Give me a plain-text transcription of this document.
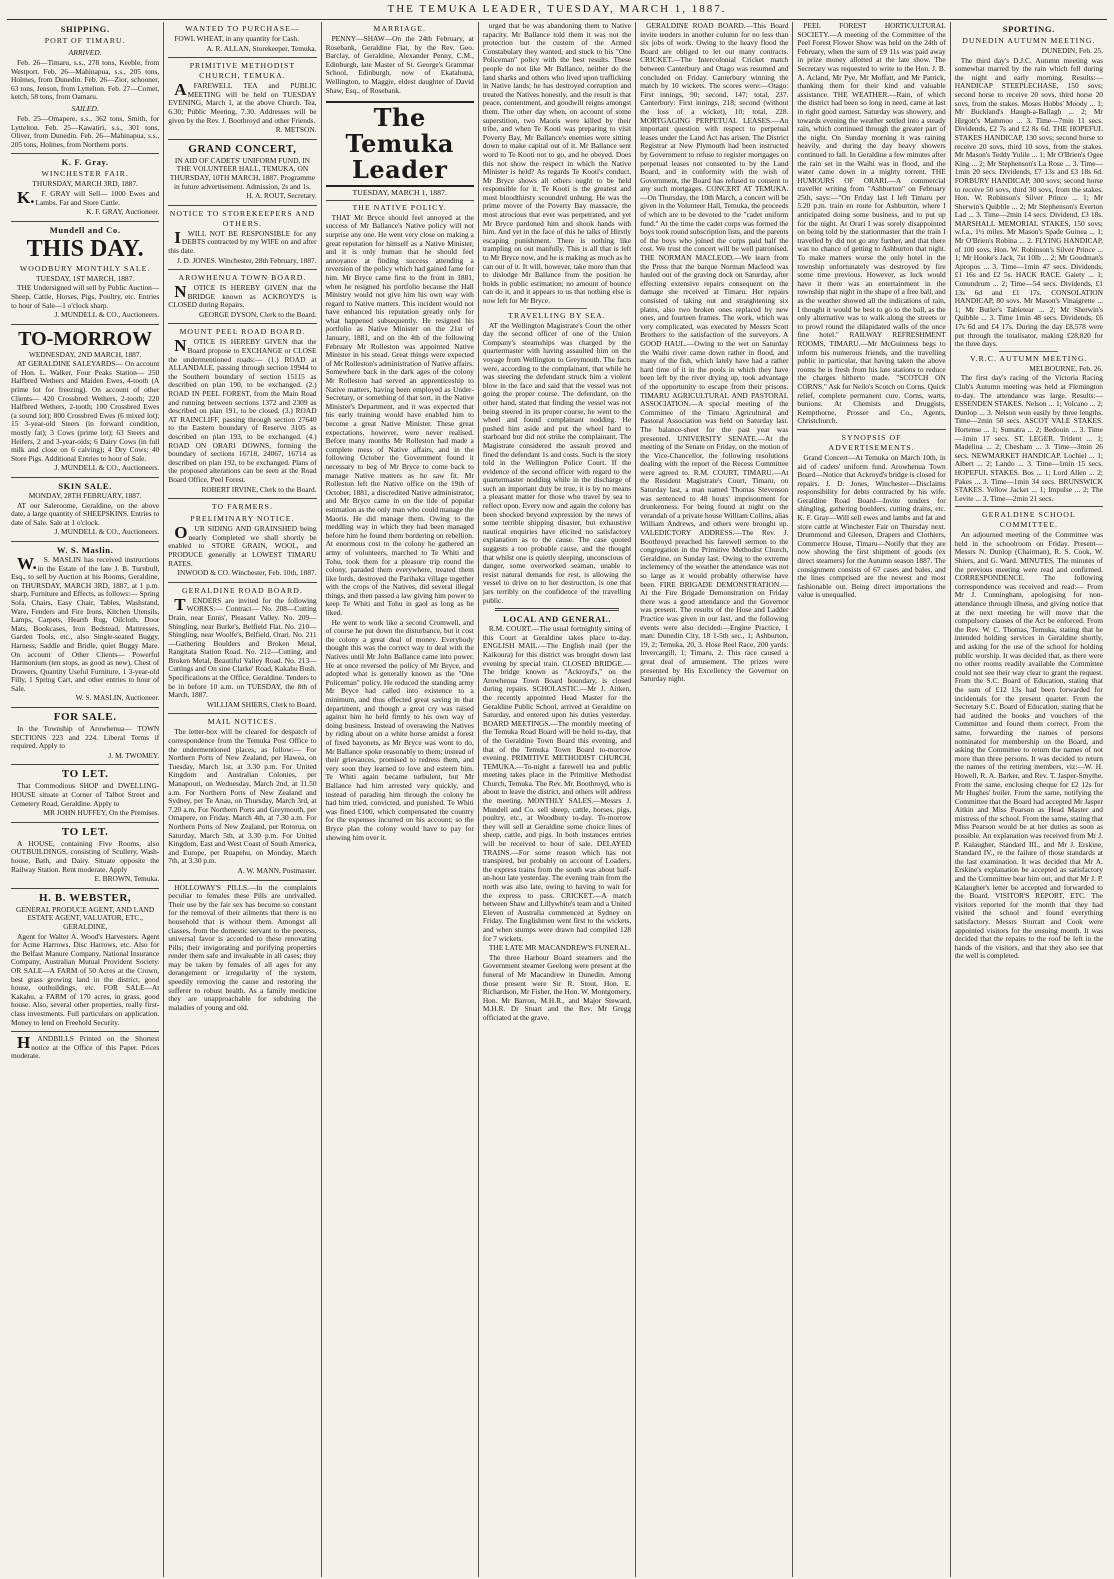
THE TEMUKA LEADER, TUESDAY, MARCH 1, 1887.
SHIPPING.
PORT OF TIMARU.
ARRIVED.

Feb. 26—Timaru, s.s., 278 tons, Keeble, from Westport. Feb. 26—Mahinapua, s.s., 205 tons, Holmes, from Dunedin. Feb. 26—Zior, schooner, 63 tons, Jenson, from Lyttelton. Feb. 27—Comet, ketch, 58 tons, from Oamaru.

SAILED.

Feb. 25—Omapere, s.s., 362 tons, Smith, for Lyttelton. Feb. 25—Kawatiri, s.s., 301 tons, Oliver, from Dunedin. Feb. 26—Mahinapua, s.s., 205 tons, Holmes, from Northern ports.

K. F. Gray.
WINCHESTER FAIR.

THURSDAY, MARCH 3RD, 1887.

K.F. GRAY will Sell— 1000 Ewes and Lambs. Fat and Store Cattle.

K. F. GRAY, Auctioneer.

Mundell and Co.
THIS DAY.
WOODBURY MONTHLY SALE.

TUESDAY, 1ST MARCH, 1887.

THE Undersigned will sell by Public Auction— Sheep, Cattle, Horses, Pigs, Poultry, etc. Entries to hour of Sale—1 o'clock sharp.

J. MUNDELL & CO., Auctioneers.

TO-MORROW

WEDNESDAY, 2ND MARCH, 1887.

AT GERALDINE SALEYARDS— On account of Hon. L. Walker, Four Peaks Station— 250 Halfbred Wethers and Maiden Ewes, 4-tooth (A prime lot for freezing). On account of other Clients— 420 Crossbred Wethers, 2-tooth; 220 Halfbred Wethers, 2-tooth; 100 Crossbred Ewes (a sound lot); 800 Crossbred Ewes (6 mixed lot); 15 3-year-old Steers (in forward condition, mostly fat); 3 Cows (prime lot); 63 Steers and Heifers, 2 and 3-year-olds; 6 Dairy Cows (in full milk and close on 6 calving); 4 Dry Cows; 40 Store Pigs. Additional Entries to hour of Sale.

J. MUNDELL & CO., Auctioneers.

SKIN SALE.

MONDAY, 28TH FEBRUARY, 1887.

AT our Saleroome, Geraldine, on the above date, a large quantity of SHEEPSKINS. Entries to date of Sale. Sale at 1 o'clock.

J. MUNDELL & CO., Auctioneers.

W. S. Maslin.

W.S. MASLIN has received instructions in the Estate of the late J. B. Turnbull, Esq., to sell by Auction at his Rooms, Geraldine, on THURSDAY, MARCH 3RD, 1887, at 1 p.m. sharp, Furniture and Effects, as follows:— Spring Sofa, Chairs, Easy Chair, Tables, Washstand, Ware, Fenders and Fire Irons, Kitchen Utensils, Lamps, Carpets, Hearth Rug, Oilcloth, Door Mats, Bookcases, Iron Bedstead, Mattresses, Garden Tools, etc., also Single-seated Buggy, Harness, Saddle and Bridle, quiet Buggy Mare. On account of Other Clients— Powerful Harmonium (ten stops, as good as new), Chest of Drawers, Quantity Useful Furniture, 1 3-year-old Filly, 1 Spring Cart, and other entries to hour of Sale.

W. S. MASLIN, Auctioneer.

FOR SALE.

In the Township of Arowhenua— TOWN SECTIONS 223 and 224. Liberal Terms if required. Apply to

J. M. TWOMEY.

TO LET.

That Commodious SHOP and DWELLING-HOUSE situate at Corner of Talbot Street and Cemetery Road, Geraldine. Apply to

MR JOHN HUFFEY, On the Premises.

TO LET.

A HOUSE, containing Five Rooms, also OUTBUILDINGS, consisting of Scullery, Wash-house, Bath, and Dairy. Situate opposite the Railway Station. Rent moderate. Apply

E. BROWN, Temuka.

H. B. WEBSTER,

GENERAL PRODUCE AGENT, AND LAND ESTATE AGENT, VALUATOR, ETC., GERALDINE,

Agent for Walter A. Wood's Harvesters. Agent for Acme Harrows, Disc Harrows, etc. Also for the Belfast Manure Company, National Insurance Company, Australian Mutual Provident Society. OR SALE—A FARM of 50 Acres at the Crown, best grass growing land in the district, good house, outbuildings, etc. FOR SALE—At Kakahu, a FARM of 170 acres, in grass, good house. Also, several other properties, really first-class investments. Full particulars on application. Money to lend on Freehold Security.

HANDBILLS Printed on the Shortest notice at the Office of this Paper. Prices moderate.

WANTED TO PURCHASE—

FOWL WHEAT, in any quantity for Cash.

A. R. ALLAN, Storekeeper, Temuka.

PRIMITIVE METHODIST CHURCH, TEMUKA.

AFAREWELL TEA and PUBLIC MEETING will be held on TUESDAY EVENING, March 1, at the above Church. Tea, 6.30; Public Meeting, 7.30. Addresses will be given by the Rev. J. Boothroyd and other Friends.

R. METSON.

GRAND CONCERT,

IN AID OF CADETS' UNIFORM FUND, IN THE VOLUNTEER HALL, TEMUKA, ON THURSDAY, 10TH MARCH, 1887. Programme in future advertisement. Admission, 2s and 1s.

H. A. ROUT, Secretary.

NOTICE TO STOREKEEPERS AND OTHERS.

IWILL NOT BE RESPONSIBLE for any DEBTS contracted by my WIFE on and after this date.

J. D. JONES. Winchester, 28th February, 1887.

AROWHENUA TOWN BOARD.

NOTICE IS HEREBY GIVEN that the BRIDGE known as ACKROYD'S is CLOSED during Repairs.

GEORGE DYSON, Clerk to the Board.

MOUNT PEEL ROAD BOARD.

NOTICE IS HEREBY GIVEN that the Board propose to EXCHANGE or CLOSE the undermentioned roads:— (1.) ROAD at ALLANDALE, passing through section 19944 to the Southern boundary of section 15115 as described on plan 190, to be exchanged. (2.) ROAD IN PEEL FOREST, from the Main Road and running between sections 1372 and 2309 as described on plan 191, to be closed. (3.) ROAD AT RAINCLIFF, passing through section 27640 to the Eastern boundary of Reserve 3105 as described on plan 193, to be exchanged. (4.) ROAD ON ORARI DOWNS, forming the boundary of sections 16718, 24067, 16714 as described on plan 192, to be exchanged. Plans of the proposed alterations can be seen at the Road Board Office, Peel Forest.

ROBERT IRVINE, Clerk to the Board.

TO FARMERS.
PRELIMINARY NOTICE.

OUR SIDING AND GRAINSHED being nearly Completed we shall shortly be enabled to STORE GRAIN, WOOL, and PRODUCE generally at LOWEST TIMARU RATES.

INWOOD & CO. Winchester, Feb. 10th, 1887.

GERALDINE ROAD BOARD.

TENDERS are invited for the following WORKS:— Contract— No. 208—Cutting Drain, near Ennis', Pleasant Valley. No. 209—Shingling, near Burke's, Belfield Flat. No. 210—Shingling, near Woolfe's, Belfield, Orari. No. 211—Gathering Boulders and Broken Metal, Rangitata Station Road. No. 212—Cutting, and Broken Metal, Beautiful Valley Road. No. 213—Cuttings and On sine Clarke' Road, Kakahu Bush. Specifications at the Office, Geraldine. Tenders to be in before 10 a.m. on TUESDAY, the 8th of March, 1887.

WILLIAM SHIERS, Clerk to Board.

MAIL NOTICES.

The letter-box will be cleared for despatch of correspondence from the Temuka Post Office to the undermentioned places, as follow:— For Northern Ports of New Zealand, per Hawea, on Tuesday, March 1st, at 3.30 p.m. For United Kingdom and Australian Colonies, per Manapouri, on Wednesday, March 2nd, at 11.50 a.m. For Northern Ports of New Zealand and Sydney, per Te Anau, on Thursday, March 3rd, at 7.20 a.m. For Northern Ports and Greymouth, per Omapere, on Friday, March 4th, at 7.30 a.m. For Northern Ports of New Zealand, per Rotorua, on Saturday, March 5th, at 3.30 p.m. For United Kingdom, East and West Coast of South America, and Europe, per Ruapehu, on Monday, March 7th, at 3.30 p.m.

A. W. MANN, Postmaster.

HOLLOWAY'S PILLS.—In the complaints peculiar to females these Pills are unrivalled. Their use by the fair sex has become so constant for the removal of their ailments that there is no household that is without them. Amongst all classes, from the domestic servant to the peeress, universal favor is accorded to these renovating Pills; their invigorating and purifying properties render them safe and invaluable in all cases; they may be taken by females of all ages for any derangement or irregularity of the system, speedily removing the cause and restoring the sufferer to robust health. As a family medicine they are unapproachable for subduing the maladies of young and old.

MARRIAGE.

PENNY—SHAW—On the 24th February, at Rosebank, Geraldine Flat, by the Rev. Geo. Barclay, of Geraldine, Alexander Penny, C.M., Edinburgh, late Master of St. George's Grammar School, Edinburgh, now of Ekatahuna, Wellington, to Maggie, eldest daughter of David Shaw, Esq., of Rosebank.

The Temuka Leader
TUESDAY, MARCH 1, 1887.
THE NATIVE POLICY.

THAT Mr Bryce should feel annoyed at the success of Mr Ballance's Native policy will not surprise any one. He went very close on making a great reputation for himself as a Native Minister, and it is only human that he should feel annoyance at finding success attending a reversion of the policy which had gained fame for him. Mr Bryce came first to the front in 1881, when he resigned his portfolio because the Hall Ministry would not give him his own way with regard to Native matters. This incident would not have enhanced his reputation greatly only for what happened subsequently. He resigned his portfolio as Native Minister on the 21st of January, 1881, and on the 4th of the following February Mr Rolleston was appointed Native Minister in his stead. Great things were expected of Mr Rolleston's administration of Native affairs. Somewhere back in the dark ages of the colony Mr Rolleston had served an apprenticeship to Native matters, having been employed as Under-Secretary, or something of that sort, in the Native Minister's Department, and it was expected that his early training would have enabled him to become a great Native Minister. These great expectations, however, were never realised. Before many months Mr Rolleston had made a complete mess of Native affairs, and in the following October the Government found it necessary to beg of Mr Bryce to come back to manage Native matters as he saw fit. Mr Rolleston left the Native office on the 19th of October, 1881, a discredited Native administrator, and Mr Bryce came in on the tide of popular estimation as the only man who could manage the Maoris. He did manage them. Owing to the meddling way in which they had been managed before him he found them bordering on rebellion. At enormous cost to the colony he gathered an army of volunteers, marched to Te Whiti and Tohu, took them for a pleasure trip round the colony, paraded them everywhere, treated them like lords, destroyed the Parihaka village together with the crops of the Natives, did several illegal things, and then passed a law giving him power to keep Te Whiti and Tohu in gaol as long as he liked.

He went to work like a second Cromwell, and of course he put down the disturbance, but it cost the colony a great deal of money. Everybody thought this was the correct way to deal with the Natives until Mr John Ballance came into power. He at once reversed the policy of Mr Bryce, and adopted what is generally known as the "One Policeman" policy. He reduced the standing army Mr Bryce had called into existence to a minimum, and thus effected great saving in that department, and though a great cry was raised against him he held firmly to his own way of doing business. Instead of overawing the Natives by riding about on a white horse amidst a forest of fixed bayonets, as Mr Bryce was wont to do, Mr Ballance spoke reasonably to them; instead of their grievances, promised to redress them, and very soon they learned to love and esteem him. Te Whiti again became turbulent, but Mr Ballance had him arrested very quickly, and instead of parading him through the colony he had him tried, convicted, and punished. Te Whiti was fined £100, which compensated the country for the expenses incurred on his account; so the Bryce plan the colony would have to pay for showing him over it.

urged that he was abandoning them to Native rapacity. Mr Ballance told them it was not the protection but the custom of the Armed Constabulary they wanted, and stuck to his "One Policeman" policy with the best results. These people do not like Mr Ballance, neither do the land sharks and others who lived upon trafficking in Native lands; he has destroyed corruption and treated the Natives honestly, and the result is that peace, contentment, and goodwill reigns amongst them. The other day when, on account of some superstition, two Maoris were killed by their tribe, and when Te Kooti was preparing to visit Poverty Bay, Mr Ballance's enemies were sitting down to make capital out of it. Mr Ballance sent word to Te Kooti not to go, and he obeyed. Does this not show the respect in which the Native Minister is held? As regards Te Kooti's conduct, Mr Bryce shows all others ought to be held responsible for it. Te Kooti is the greatest and most bloodthirsty scoundrel unhung. He was the prime mover of the Poverty Bay massacre, the most atrocious that ever was perpetrated, and yet Mr Bryce pardoned him and shook hands with him. And yet in the face of this he talks of Hirstly escaping punishment. There is nothing like trampling on out manfully. This is all that is left to Mr Bryce now, and he is making as much as he can out of it. It will, however, take more than that to dislodge Mr Ballance from the position he holds in public estimation; no amount of bounce can do it, and it appears to us that nothing else is now left for Mr Bryce.

TRAVELLING BY SEA.

AT the Wellington Magistrate's Court the other day the second officer of one of the Union Company's steamships was charged by the quartermaster with having assaulted him on the voyage from Wellington to Greymouth. The facts were, according to the complainant, that while he was steering the defendant struck him a violent blow in the face and said that the vessel was not going the proper course. The defendant, on the other hand, stated that finding the vessel was not being steered in its proper course, he went to the wheel and found complainant nodding. He pushed him aside and put the wheel hard to starboard but did not strike the complainant. The Magistrate considered the assault proved and fined the defendant 1s and costs. Such is the story told in the Wellington Police Court. If the evidence of the second officer with regard to the quartermaster nodding while in the discharge of such an important duty be true, it is by no means a pleasant matter for those who travel by sea to reflect upon. Every now and again the colony has been shocked beyond expression by the news of some terrible shipping disaster, but exhaustive nautical enquiries have elicited no satisfactory explanation as to the cause. The case quoted suggests a too probable cause, and the thought that whilst one is quietly sleeping, unconscious of danger, some overworked seaman, unable to resist natural demands for rest, is allowing the vessel to drive on to her destruction, is one that jars terribly on the confidence of the travelling public.

LOCAL AND GENERAL.

R.M. COURT.—The usual fortnightly sitting of this Court at Geraldine takes place to-day. ENGLISH MAIL.—The English mail (per the Kaikoura) for this district was brought down last evening by special train. CLOSED BRIDGE.—The bridge known as "Ackroyd's," on the Arowhenua Town Board boundary, is closed during repairs. SCHOLASTIC.—Mr J. Aitken, the recently appointed Head Master for the Geraldine Public School, arrived at Geraldine on Saturday, and entered upon his duties yesterday. BOARD MEETINGS.—The monthly meeting of the Temuka Road Board will be held to-day, that of the Geraldine Town Board this evening, and that of the Temuka Town Board to-morrow evening. PRIMITIVE METHODIST CHURCH, TEMUKA.—To-night a farewell tea and public meeting takes place in the Primitive Methodist Church, Temuka. The Rev. Mr. Boothroyd, who is about to leave the district, and others will address the meeting. MONTHLY SALES.—Messrs J. Mundell and Co. sell sheep, cattle, horses, pigs, poultry, etc., at Woodbury to-day. To-morrow they will sell at Geraldine some choice lines of sheep, cattle, and pigs. In both instances entries will be received to hour of sale. DELAYED TRAINS.—For some reason which has not transpired, but probably on account of Loaders, the express trains from the south was about half-an-hour late yesterday. The evening train from the north was also late, owing to having to wait for the express to pass. CRICKET.—A match between Shaw and Lillywhite's team and a United Eleven of Australia commenced at Sydney on Friday. The Englishmen went first to the wickets, and when stumps were drawn had compiled 128 for 7 wickets.

THE LATE MR MACANDREW'S FUNERAL.

The three Harbour Board steamers and the Government steamer Geelong were present at the funeral of Mr Macandrew in Dunedin. Among those present were Sir R. Stout, Hon. E. Richardson, Mr Fisher, the Hon. W. Montgomery, Hon. Mr Barron, M.H.R., and Major Steward, M.H.R. Dr Stuart and the Rev. Mr Gregg officiated at the grave.

GERALDINE ROAD BOARD.—This Board invite tenders in another column for no less than six jobs of work. Owing to the heavy flood the Board are obliged to let out many contracts. CRICKET.—The Intercolonial Cricket match between Canterbury and Otago was resumed and concluded on Friday. Canterbury winning the match by 10 wickets. The scores were:—Otago: First innings, 90; second, 147; total, 237. Canterbury: First innings, 218; second (without the loss of a wicket), 10; total, 228. MORTGAGING PERPETUAL LEASES.—An important question with respect to perpetual leases under the Land Act has arisen. The District Registrar at New Plymouth had been instructed by Government to refuse to register mortgages on perpetual leases not consented to by the Land Board, and in conformity with the wish of Government, the Board has refused to consent to any such mortgages. CONCERT AT TEMUKA.—On Thursday, the 10th March, a concert will be given in the Volunteer Hall, Temuka, the proceeds of which are to be devoted to the "cadet uniform fund." At the time the cadet corps was formed the boys took round subscription lists, and the parents of the boys who joined the corps paid half the cost. We trust the concert will be well patronised. THE NORMAN MACLEOD.—We learn from the Press that the barque Norman Macleod was hauled out of the graving dock on Saturday, after effecting extensive repairs consequent on the damage she received at Timaru. Her repairs consisted of taking out and straightening six plates, also two broken ones replaced by new ones, and fourteen frames. The work, which was very complicated, was executed by Messrs Scott Brothers to the satisfaction of the surveyors. A GOOD HAUL.—Owing to the wet on Saturday the Waihi river came down rather in flood, and many of the fish, which lately have had a rather hard time of it in the pools in which they have been left by the river drying up, took advantage of the opportunity to escape from their prisons. TIMARU AGRICULTURAL AND PASTORAL ASSOCIATION.—A special meeting of the Committee of the Timaru Agricultural and Pastoral Association was held on Saturday last. The balance-sheet for the past year was presented. UNIVERSITY SENATE.—At the meeting of the Senate on Friday, on the motion of the Vice-Chancellor, the following resolutions dealing with the report of the Recess Committee were agreed to. R.M. COURT, TIMARU.—At the Resident Magistrate's Court, Timaru, on Saturday last, a man named Thomas Stevenson was sentenced to 48 hours' imprisonment for drunkenness. For being found at night on the verandah of a private house William Collins, alias William Andrews, and others were brought up. VALEDICTORY ADDRESS.—The Rev. J. Boothroyd preached his farewell sermon to the congregation in the Primitive Methodist Church, Geraldine, on Sunday last. Owing to the extreme inclemency of the weather the attendance was not so large as it would probably otherwise have been. FIRE BRIGADE DEMONSTRATION.—At the Fire Brigade Demonstration on Friday there was a good attendance and the Governor was present. The results of the Hose and Ladder Practice was given in our last, and the following events were also decided:—Engine Practice, 1 man: Dunedin City, 18 1-5th sec., 1; Ashburton, 19, 2; Temuka, 20, 3. Hose Reel Race, 200 yards: Invercargill, 1; Timaru, 2. This race caused a great deal of amusement. The prizes were presented by His Excellency the Governor on Saturday night.

PEEL FOREST HORTICULTURAL SOCIETY.—A meeting of the Committee of the Peel Forest Flower Show was held on the 24th of February, when the sum of £9 11s was paid away in prize money allotted at the late show. The Secretary was requested to write to the Hon. J. B. A. Acland, Mr Pye, Mr Moffatt, and Mr Patrick, thanking them for their kind and valuable assistance. THE WEATHER.—Rain, of which the district had been so long in need, came at last in right good earnest. Saturday was showery, and towards evening the weather settled into a steady rain, which continued through the greater part of the night. On Sunday morning it was raining heavily, and during the day heavy showers continued to fall. In Geraldine a few minutes after the rain set in the Waihi was in flood, and the water came down in a mighty torrent. THE HUMOURS OF ORARI.—A commercial traveller writing from "Ashburton" on February 25th, says:—"On Friday last I left Timaru per 5.20 p.m. train en route for Ashburton, where I anticipated doing some business, and to put up for the night. At Orari I was sorely disappointed on being told by the stationmaster that the train I travelled by did not go any further, and that there was no chance of getting to Ashburton that night. To make matters worse the only hotel in the township unfortunately was destroyed by fire some time previous. However, as luck would have it there was an entertainment in the township that night in the shape of a free ball, and as the weather showed all the indications of rain, I thought it would be best to go to the ball, as the only alternative was to walk along the streets or to prowl round the dilapidated walls of the once fine hotel." RAILWAY REFRESHMENT ROOMS, TIMARU.—Mr McGuinness begs to inform his numerous friends, and the travelling public in particular, that having taken the above rooms he is fresh from his late stations to reduce the charges hitherto made. "SCOTCH ON CORNS." Ask for Neilo's Scotch on Corns. Quick relief, complete permanent cure. Corns, warts, bunions. At Chemists and Druggists, Kempthorne, Prosser and Co., Agents, Christchurch.

SYNOPSIS OF ADVERTISEMENTS.

Grand Concert—At Temuka on March 10th, in aid of cadets' uniform fund. Arowhenua Town Board—Notice that Ackroyd's bridge is closed for repairs. J. D. Jones, Winchester—Disclaims responsibility for debts contracted by his wife. Geraldine Road Board—Invite tenders for shingling, gathering boulders, cutting drains, etc. K. F. Gray—Will sell ewes and lambs and fat and store cattle at Winchester Fair on Thursday next. Drummond and Gleeson, Drapers and Clothiers, Commerce House, Timaru—Notify that they are now showing the first shipment of goods (ex direct steamers) for the Autumn season 1887. The consignment consists of 67 cases and bales, and the lines comprised are the newest and most fashionable out. Being direct importations the value is unequalled.

SPORTING.
DUNEDIN AUTUMN MEETING.

DUNEDIN, Feb. 25.

The third day's D.J.C. Autumn meeting was somewhat marred by the rain which fell during the night and early morning. Results:— HANDICAP STEEPLECHASE, 150 sovs; second horse to receive 20 sovs, third horse 20 sovs, from the stakes. Moses Hobbs' Moody ... 1; Mr Buckland's Haugh-a-Ballagh ... 2; Mr Hirgott's Mammoo ... 3. Time—7min 11 secs. Dividends, £2 7s and £2 8s 6d. THE HOPEFUL STAKES HANDICAP, 130 sovs; second horse to receive 20 sovs, third 10 sovs, from the stakes. Mr Mason's Teddy Yulile ... 1; Mr O'Brien's Ogee King ... 2; Mr Stephenson's La Rose ... 3. Time—1min 20 secs. Dividends, £7 13s and £3 18s 6d. FORBURY HANDICAP, 300 sovs; second horse to receive 50 sovs, third 30 sovs, from the stakes. Hon. W. Robinson's Silver Prince ... 1; Mr Sherwin's Quibble ... 2; Mr Stephenson's Everton Lad ... 3. Time—2min 14 secs. Dividend, £3 18s. MARSHALL MEMORIAL STAKES, 150 sovs; w.f.a., 1½ miles. Mr Mason's Spade Guinea ... 1; Mr O'Brien's Robina ... 2. FLYING HANDICAP, of 100 sovs. Hon. W. Robinson's Silver Prince ... 1; Mr Hooke's Jack, 7st 10lb ... 2; Mr Goodman's Apropos ... 3. Time—1min 47 secs. Dividends, £1 16s and £2 5s. HACK RACE. Gaiety ... 1; Conundrum ... 2; Time—54 secs. Dividends, £1 13s 6d and £1 17s. CONSOLATION HANDICAP, 80 sovs. Mr Mason's Vinaigrette ... 1; Mr Butler's Tabletear ... 2; Mr Sherwin's Quibble ... 3. Time 1min 48 secs. Dividends, £6 17s 6d and £4 17s. During the day £8,578 were put through the totalisator, making £28,820 for the three days.

V.R.C. AUTUMN MEETING.

MELBOURNE, Feb. 26.

The first day's racing of the Victoria Racing Club's Autumn meeting was held at Flemington to-day. The attendance was large. Results:— ESSENDEN STAKES. Nelson ... 1; Volcano ... 2; Dunlop ... 3. Nelson won easily by three lengths. Time—2min 50 secs. ASCOT VALE STAKES. Hortense ... 1; Sumatra ... 2; Bedouin ... 3. Time—1min 17 secs. ST. LEGER. Trident ... 1; Madelina ... 2; Chesham ... 3. Time—3min 26 secs. NEWMARKET HANDICAP. Lochiel ... 1; Albert ... 2; Lando ... 3. Time—1min 15 secs. HOPEFUL STAKES. Bos ... 1; Lord Allen ... 2; Pakes ... 3. Time—1min 34 secs. BRUNSWICK STAKES. Yellow Jacket ... 1; Impulse ... 2; The Levite ... 3. Time—2min 21 secs.

GERALDINE SCHOOL COMMITTEE.

An adjourned meeting of the Committee was held in the schoolroom on Friday. Present—Messrs N. Dunlop (Chairman), R. S. Cook, W. Shiers, and G. Ward. MINUTES. The minutes of the previous meeting were read and confirmed. CORRESPONDENCE. The following correspondence was received and read:— From Mr J. Cunningham, apologising for non-attendance through illness, and giving notice that at the next meeting he will move that the compulsory clauses of the Act be enforced. From the Rev. W. C. Thomas, Temuka, stating that he intended holding services in Geraldine shortly, and asking for the use of the school for holding public worship. It was decided that, as there were no other rooms readily available the Committee could not see their way clear to grant the request. From the S.C. Board of Education, stating that the sum of £12 13s had been forwarded for incidentals for the present quarter. From the Secretary S.C. Board of Education, stating that he had audited the books and vouchers of the Committee and found them correct. From the same, forwarding the names of persons nominated for membership on the Board, and asking the Committee to return the names of not more than three persons. It was decided to return the names of the retiring members, viz:—W. H. Howell, R. A. Barker, and Rev. T. Jasper-Smythe. From the same, enclosing cheque for £2 12s for Mr Hughes' boiler. From the same, notifying the Committee that the Board had accepted Mr Jasper Aitkin and Miss Pearson as Head Master and mistress of the school. From the same, stating that Miss Pearson would be at her duties as soon as possible. An explanation was received from Mr J. P. Kalaugher, Standard III., and Mr J. Erskine, Standard IV., re the failure of those standards at the last examination. It was decided that Mr A. Erskine's explanation be accepted as satisfactory and the Committee bear him out, and that Mr J. P. Kalaugher's letter be accepted and forwarded to the Board. VISITOR'S REPORT, ETC. The visitors reported for the month that they had visited the school and found everything satisfactory. Messrs Sturratt and Cook were appointed visitors for the ensuing month. It was decided that the repairs to the roof be left in the hands of the visitors, and that they also see that the well is completed.
